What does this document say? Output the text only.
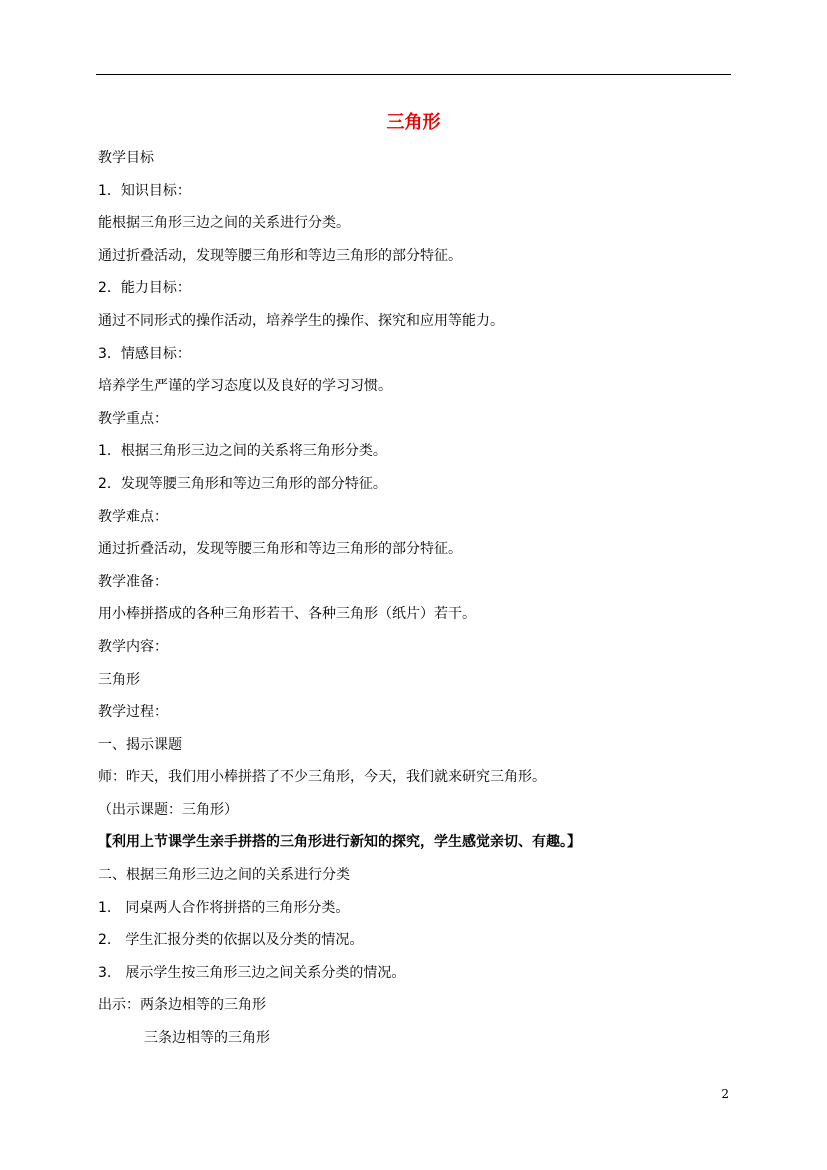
三角形
教学目标
1．知识目标：
能根据三角形三边之间的关系进行分类。
通过折叠活动，发现等腰三角形和等边三角形的部分特征。
2．能力目标：
通过不同形式的操作活动，培养学生的操作、探究和应用等能力。
3．情感目标：
培养学生严谨的学习态度以及良好的学习习惯。
教学重点：
1．根据三角形三边之间的关系将三角形分类。
2．发现等腰三角形和等边三角形的部分特征。
教学难点：
通过折叠活动，发现等腰三角形和等边三角形的部分特征。
教学准备：
用小棒拼搭成的各种三角形若干、各种三角形（纸片）若干。
教学内容：
三角形
教学过程：
一、揭示课题
师：昨天，我们用小棒拼搭了不少三角形，今天，我们就来研究三角形。
（出示课题：三角形）
【利用上节课学生亲手拼搭的三角形进行新知的探究，学生感觉亲切、有趣。】
二、根据三角形三边之间的关系进行分类
1.　同桌两人合作将拼搭的三角形分类。
2.　学生汇报分类的依据以及分类的情况。
3.　展示学生按三角形三边之间关系分类的情况。
出示：两条边相等的三角形
三条边相等的三角形
2
